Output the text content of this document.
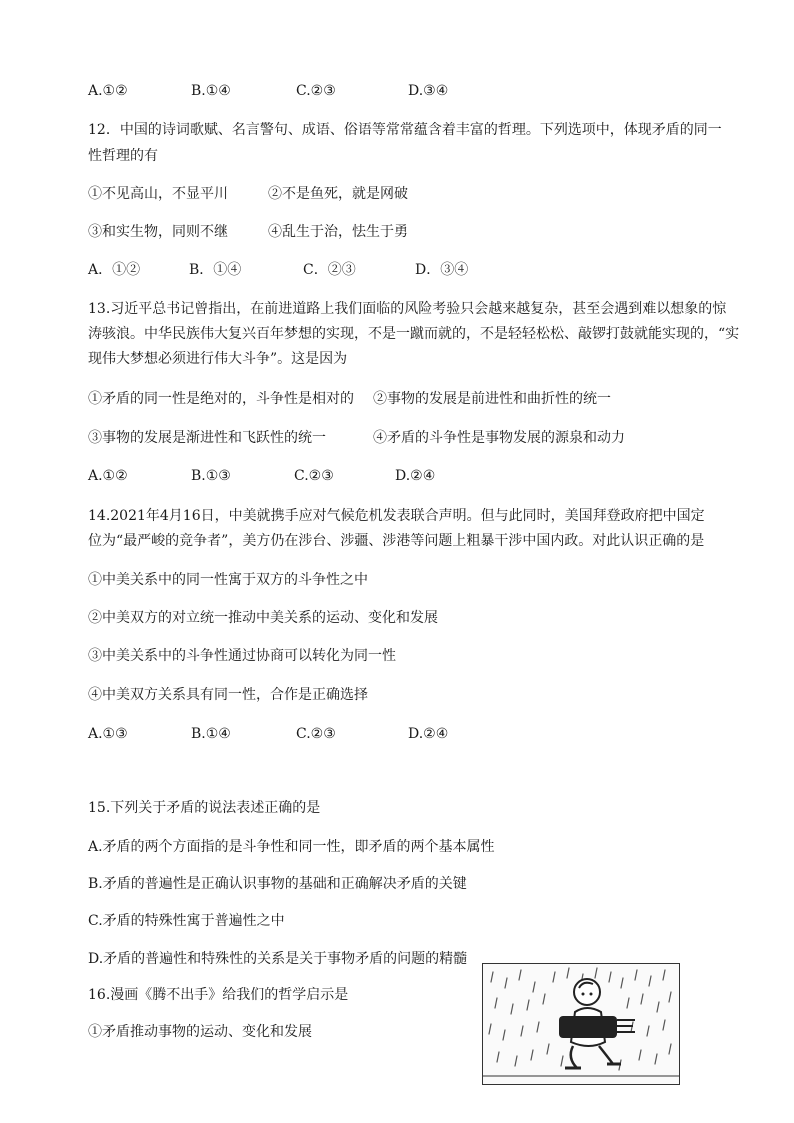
A.①②	B.①④	C.②③	D.③④
12．中国的诗词歌赋、名言警句、成语、俗语等常常蕴含着丰富的哲理。下列选项中，体现矛盾的同一
性哲理的有
①不见高山，不显平川	②不是鱼死，就是网破
③和实生物，同则不继	④乱生于治，怯生于勇
A．①②	B．①④	C．②③	D．③④
13.习近平总书记曾指出，在前进道路上我们面临的风险考验只会越来越复杂，甚至会遇到难以想象的惊
涛骇浪。中华民族伟大复兴百年梦想的实现，不是一蹴而就的，不是轻轻松松、敲锣打鼓就能实现的，“实
现伟大梦想必须进行伟大斗争”。这是因为
①矛盾的同一性是绝对的，斗争性是相对的 ②事物的发展是前进性和曲折性的统一
③事物的发展是渐进性和飞跃性的统一	④矛盾的斗争性是事物发展的源泉和动力
A.①②	B.①③	C.②③	D.②④
14.2021年4月16日，中美就携手应对气候危机发表联合声明。但与此同时，美国拜登政府把中国定
位为“最严峻的竞争者”，美方仍在涉台、涉疆、涉港等问题上粗暴干涉中国内政。对此认识正确的是
①中美关系中的同一性寓于双方的斗争性之中
②中美双方的对立统一推动中美关系的运动、变化和发展
③中美关系中的斗争性通过协商可以转化为同一性
④中美双方关系具有同一性，合作是正确选择
A.①③	B.①④	C.②③	D.②④
15.下列关于矛盾的说法表述正确的是
A.矛盾的两个方面指的是斗争性和同一性，即矛盾的两个基本属性
B.矛盾的普遍性是正确认识事物的基础和正确解决矛盾的关键
C.矛盾的特殊性寓于普遍性之中
D.矛盾的普遍性和特殊性的关系是关于事物矛盾的问题的精髓
16.漫画《腾不出手》给我们的哲学启示是
①矛盾推动事物的运动、变化和发展
